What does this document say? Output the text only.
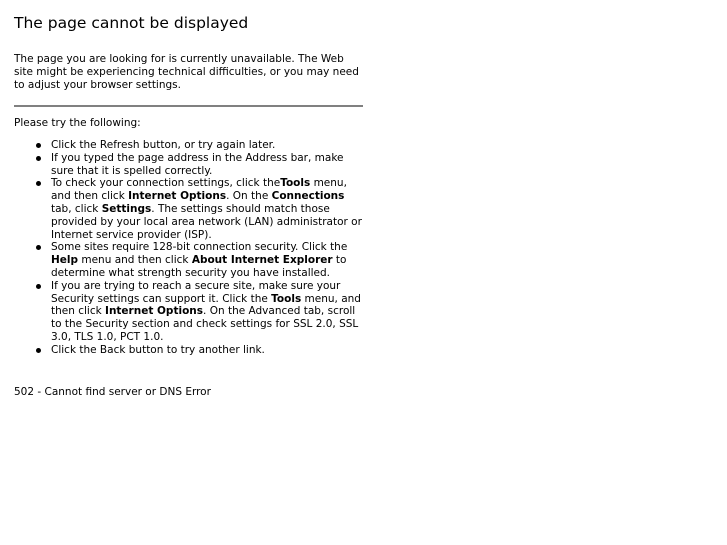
The page cannot be displayed

The page you are looking for is currently unavailable. The Web site might be experiencing technical difficulties, or you may need to adjust your browser settings.

Please try the following:

Click the Refresh button, or try again later.
If you typed the page address in the Address bar, make sure that it is spelled correctly.
To check your connection settings, click theTools menu, and then click Internet Options. On the Connections tab, click Settings. The settings should match those provided by your local area network (LAN) administrator or Internet service provider (ISP).
Some sites require 128-bit connection security. Click the Help menu and then click About Internet Explorer to determine what strength security you have installed.
If you are trying to reach a secure site, make sure your Security settings can support it. Click the Tools menu, and then click Internet Options. On the Advanced tab, scroll to the Security section and check settings for SSL 2.0, SSL 3.0, TLS 1.0, PCT 1.0.
Click the Back button to try another link.

502 - Cannot find server or DNS Error
